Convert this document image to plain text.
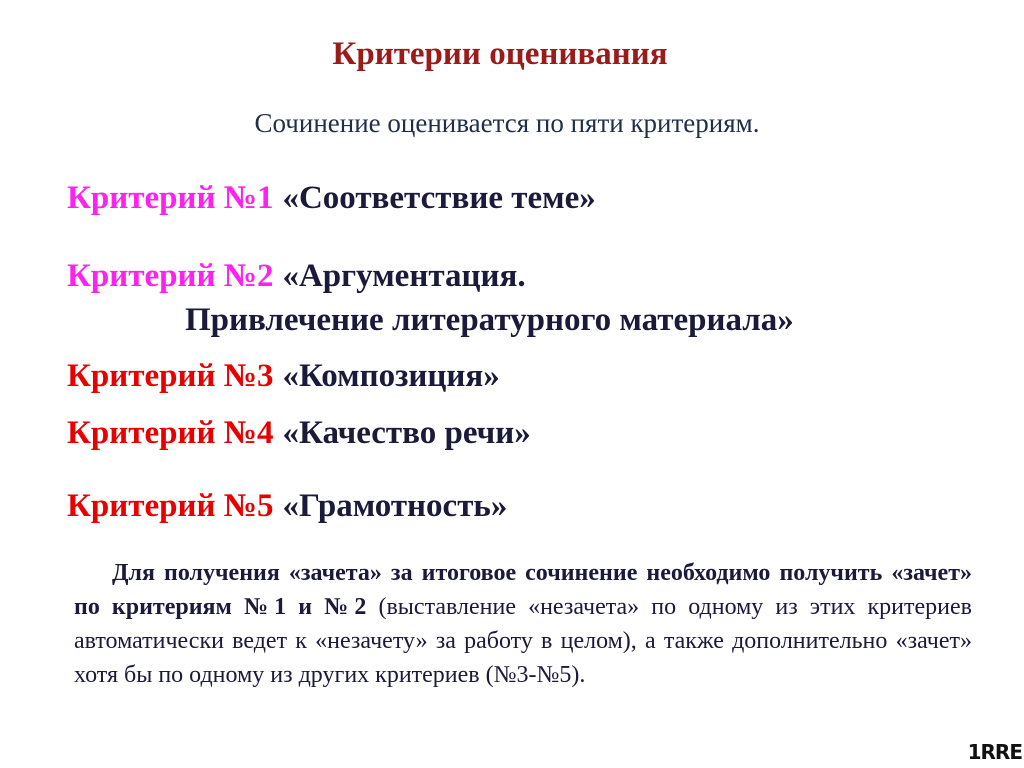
Критерии оценивания
Сочинение оценивается по пяти критериям.
Критерий №1 «Соответствие теме»
Критерий №2 «Аргументация.
Привлечение литературного материала»
Критерий №3 «Композиция»
Критерий №4 «Качество речи»
Критерий №5 «Грамотность»
Для получения «зачета» за итоговое сочинение необходимо получить «зачет» по критериям №1 и №2 (выставление «незачета» по одному из этих критериев автоматически ведет к «незачету» за работу в целом), а также дополнительно «зачет» хотя бы по одному из других критериев (№3-№5).
1RRE
